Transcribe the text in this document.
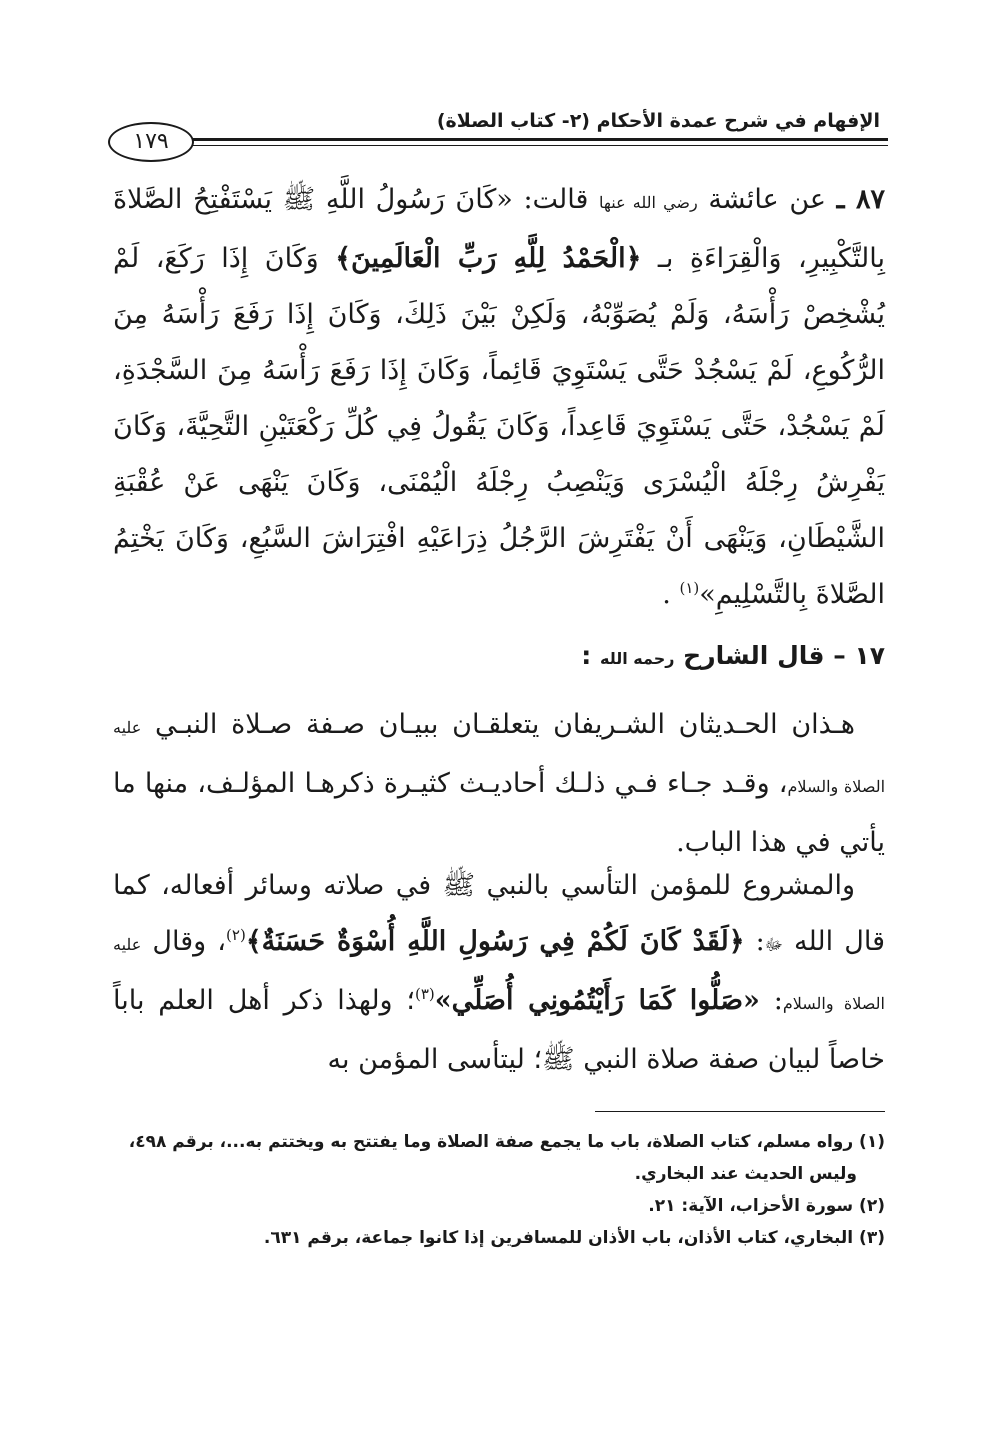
الإفهام في شرح عمدة الأحكام (٢- كتاب الصلاة)
١٧٩

٨٧ ـ عن عائشة رضي الله عنها قالت: «كَانَ رَسُولُ اللَّهِ ﷺ يَسْتَفْتِحُ الصَّلاةَ بِالتَّكْبِيرِ، وَالْقِرَاءَةِ بـ ﴿الْحَمْدُ لِلَّهِ رَبِّ الْعَالَمِينَ﴾ وَكَانَ إِذَا رَكَعَ، لَمْ يُشْخِصْ رَأْسَهُ، وَلَمْ يُصَوِّبْهُ، وَلَكِنْ بَيْنَ ذَلِكَ، وَكَانَ إِذَا رَفَعَ رَأْسَهُ مِنَ الرُّكُوعِ، لَمْ يَسْجُدْ حَتَّى يَسْتَوِيَ قَائِماً، وَكَانَ إِذَا رَفَعَ رَأْسَهُ مِنَ السَّجْدَةِ، لَمْ يَسْجُدْ، حَتَّى يَسْتَوِيَ قَاعِداً، وَكَانَ يَقُولُ فِي كُلِّ رَكْعَتَيْنِ التَّحِيَّةَ، وَكَانَ يَفْرِشُ رِجْلَهُ الْيُسْرَى وَيَنْصِبُ رِجْلَهُ الْيُمْنَى، وَكَانَ يَنْهَى عَنْ عُقْبَةِ الشَّيْطَانِ، وَيَنْهَى أَنْ يَفْتَرِشَ الرَّجُلُ ذِرَاعَيْهِ افْتِرَاشَ السَّبُعِ، وَكَانَ يَخْتِمُ الصَّلاةَ بِالتَّسْلِيمِ»$^{(١)}$ .

١٧ – قال الشارح رحمه الله :

هـذان الحـديثان الشـريفان يتعلقـان ببيـان صـفة صـلاة النبـي عليه الصلاة والسلام، وقـد جـاء فـي ذلـك أحاديـث كثيـرة ذكرهـا المؤلـف، منها ما يأتي في هذا الباب.

والمشروع للمؤمن التأسي بالنبي ﷺ في صلاته وسائر أفعاله، كما قال الله ﷻ: ﴿لَقَدْ كَانَ لَكُمْ فِي رَسُولِ اللَّهِ أُسْوَةٌ حَسَنَةٌ﴾$^{(٢)}$، وقال عليه الصلاة والسلام: «صَلُّوا كَمَا رَأَيْتُمُونِي أُصَلِّي»$^{(٣)}$؛ ولهذا ذكر أهل العلم باباً خاصاً لبيان صفة صلاة النبي ﷺ؛ ليتأسى المؤمن به

(١) رواه مسلم، كتاب الصلاة، باب ما يجمع صفة الصلاة وما يفتتح به ويختتم به...، برقم ٤٩٨، وليس الحديث عند البخاري.

(٢) سورة الأحزاب، الآية: ٢١.

(٣) البخاري، كتاب الأذان، باب الأذان للمسافرين إذا كانوا جماعة، برقم ٦٣١.
